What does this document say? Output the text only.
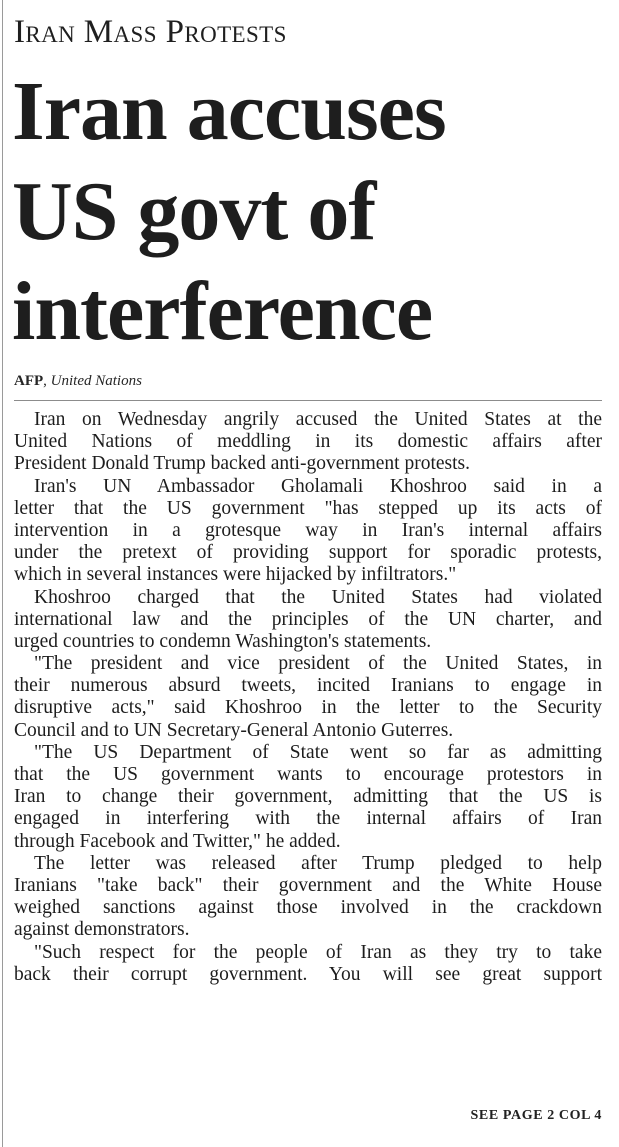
Iran Mass Protests
Iran accuses
US govt of
interference
AFP, United Nations
Iran on Wednesday angrily accused the United States at the
United Nations of meddling in its domestic affairs after
President Donald Trump backed anti-government protests.
Iran's UN Ambassador Gholamali Khoshroo said in a
letter that the US government "has stepped up its acts of
intervention in a grotesque way in Iran's internal affairs
under the pretext of providing support for sporadic protests,
which in several instances were hijacked by infiltrators."
Khoshroo charged that the United States had violated
international law and the principles of the UN charter, and
urged countries to condemn Washington's statements.
"The president and vice president of the United States, in
their numerous absurd tweets, incited Iranians to engage in
disruptive acts," said Khoshroo in the letter to the Security
Council and to UN Secretary-General Antonio Guterres.
"The US Department of State went so far as admitting
that the US government wants to encourage protestors in
Iran to change their government, admitting that the US is
engaged in interfering with the internal affairs of Iran
through Facebook and Twitter," he added.
The letter was released after Trump pledged to help
Iranians "take back" their government and the White House
weighed sanctions against those involved in the crackdown
against demonstrators.
"Such respect for the people of Iran as they try to take
back their corrupt government. You will see great support
SEE PAGE 2 COL 4
